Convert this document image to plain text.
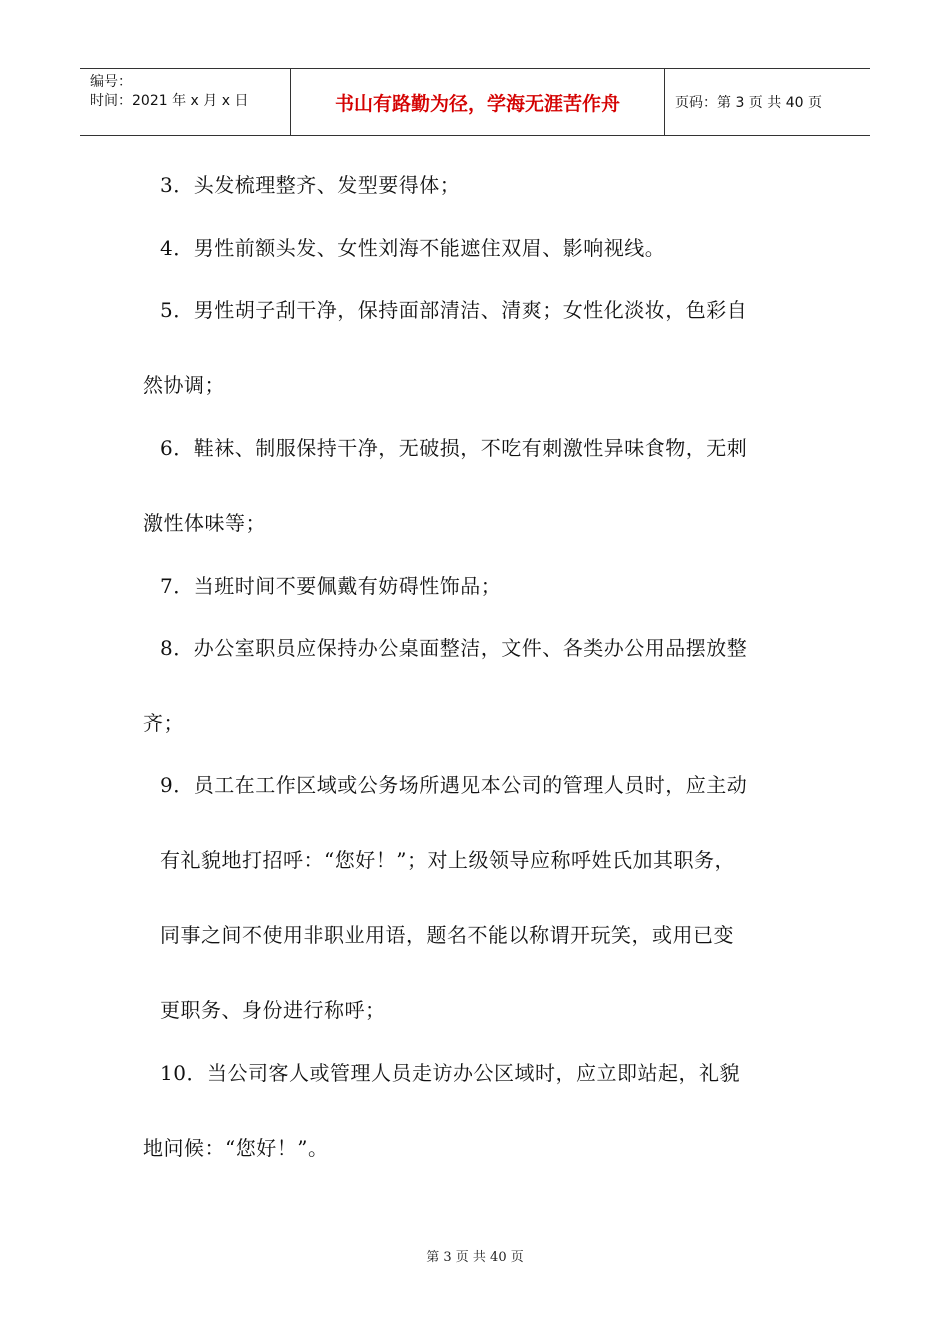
编号：
时间：2021 年 x 月 x 日	书山有路勤为径，学海无涯苦作舟	页码：第 3 页 共 40 页
3．头发梳理整齐、发型要得体；
4．男性前额头发、女性刘海不能遮住双眉、影响视线。
5．男性胡子刮干净，保持面部清洁、清爽；女性化淡妆，色彩自
然协调；
6．鞋袜、制服保持干净，无破损，不吃有刺激性异味食物，无刺
激性体味等；
7．当班时间不要佩戴有妨碍性饰品；
8．办公室职员应保持办公桌面整洁，文件、各类办公用品摆放整
齐；
9．员工在工作区域或公务场所遇见本公司的管理人员时，应主动
有礼貌地打招呼：“您好！”；对上级领导应称呼姓氏加其职务，
同事之间不使用非职业用语，题名不能以称谓开玩笑，或用已变
更职务、身份进行称呼；
10．当公司客人或管理人员走访办公区域时，应立即站起，礼貌
地问候：“您好！”。
第 3 页 共 40 页
